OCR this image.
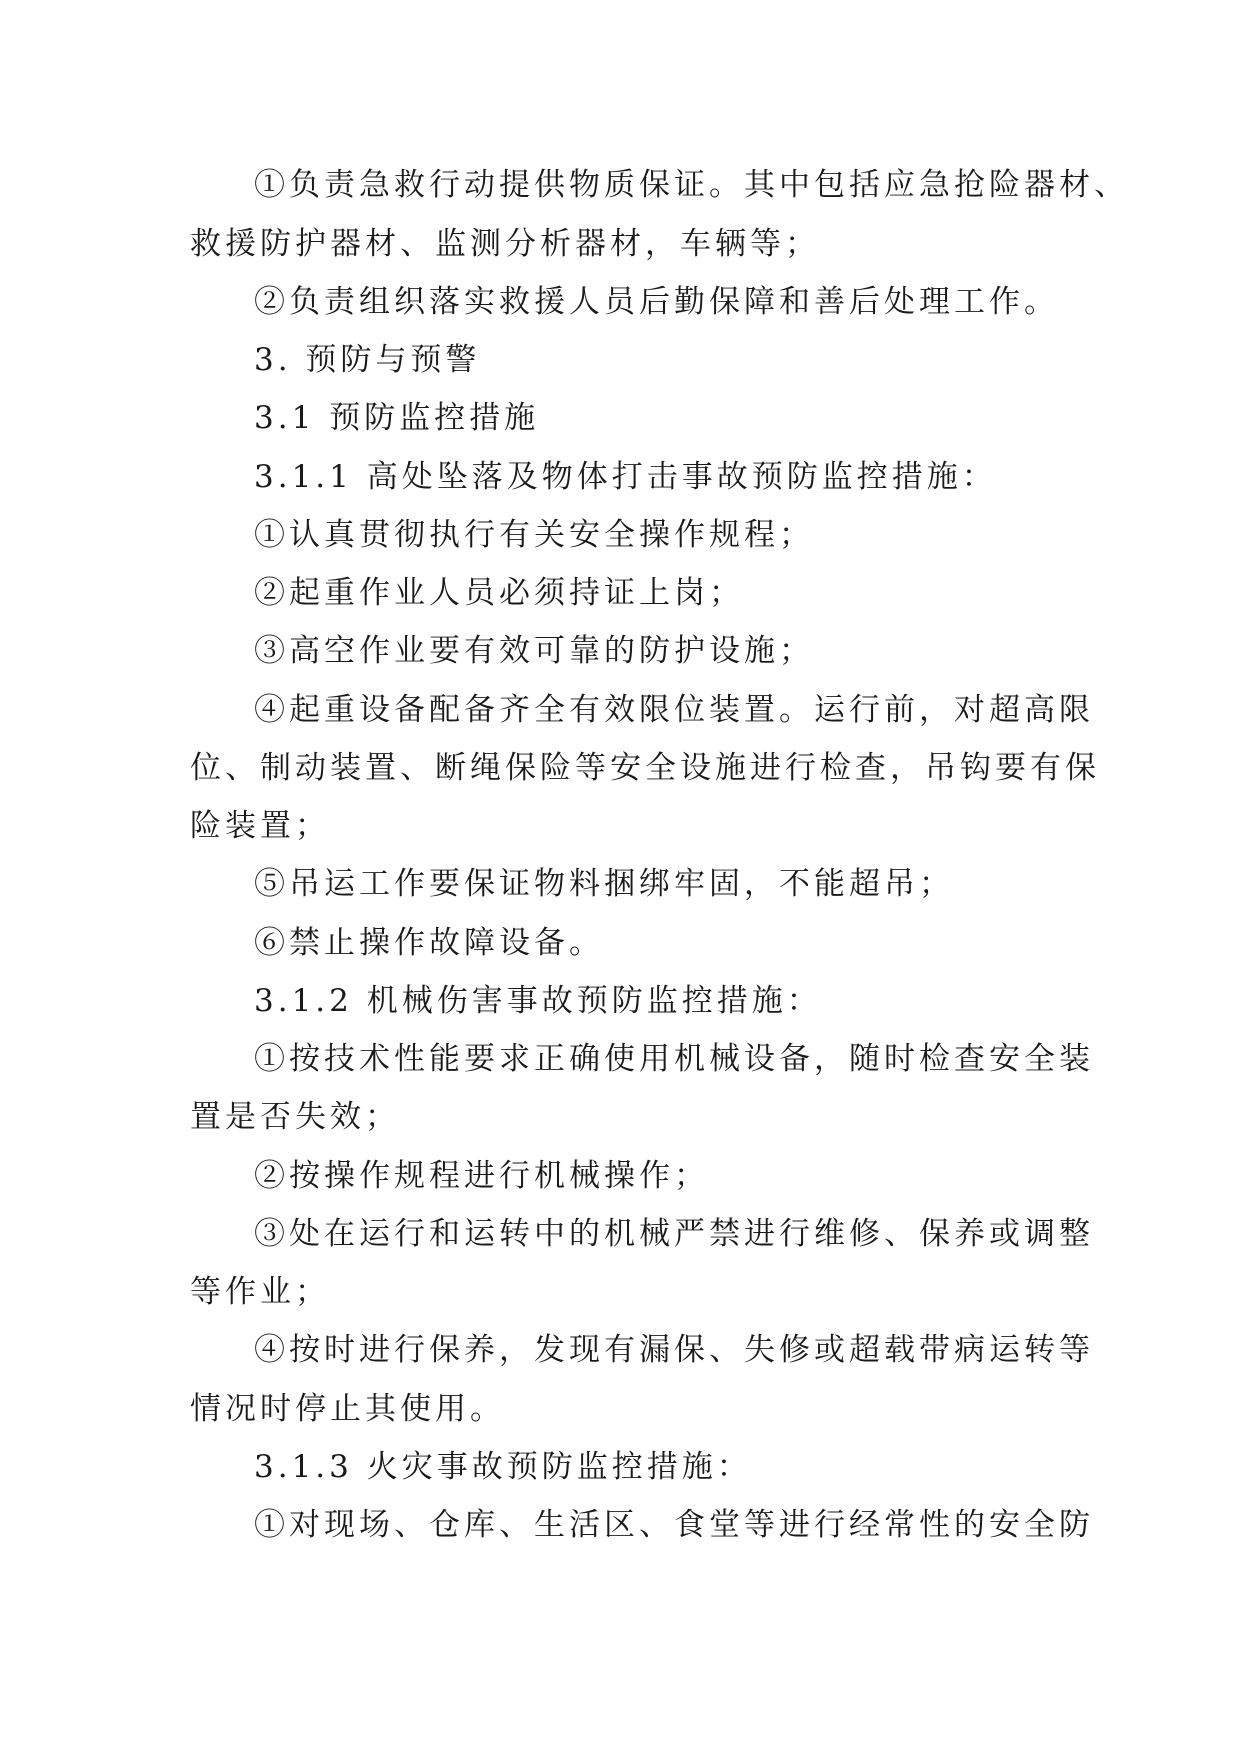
①负责急救行动提供物质保证。其中包括应急抢险器材、
救援防护器材、监测分析器材，车辆等；
②负责组织落实救援人员后勤保障和善后处理工作。
3. 预防与预警
3.1 预防监控措施
3.1.1 高处坠落及物体打击事故预防监控措施：
①认真贯彻执行有关安全操作规程；
②起重作业人员必须持证上岗；
③高空作业要有效可靠的防护设施；
④起重设备配备齐全有效限位装置。运行前，对超高限
位、制动装置、断绳保险等安全设施进行检查，吊钩要有保
险装置；
⑤吊运工作要保证物料捆绑牢固，不能超吊；
⑥禁止操作故障设备。
3.1.2 机械伤害事故预防监控措施：
①按技术性能要求正确使用机械设备，随时检查安全装
置是否失效；
②按操作规程进行机械操作；
③处在运行和运转中的机械严禁进行维修、保养或调整
等作业；
④按时进行保养，发现有漏保、失修或超载带病运转等
情况时停止其使用。
3.1.3 火灾事故预防监控措施：
①对现场、仓库、生活区、食堂等进行经常性的安全防
